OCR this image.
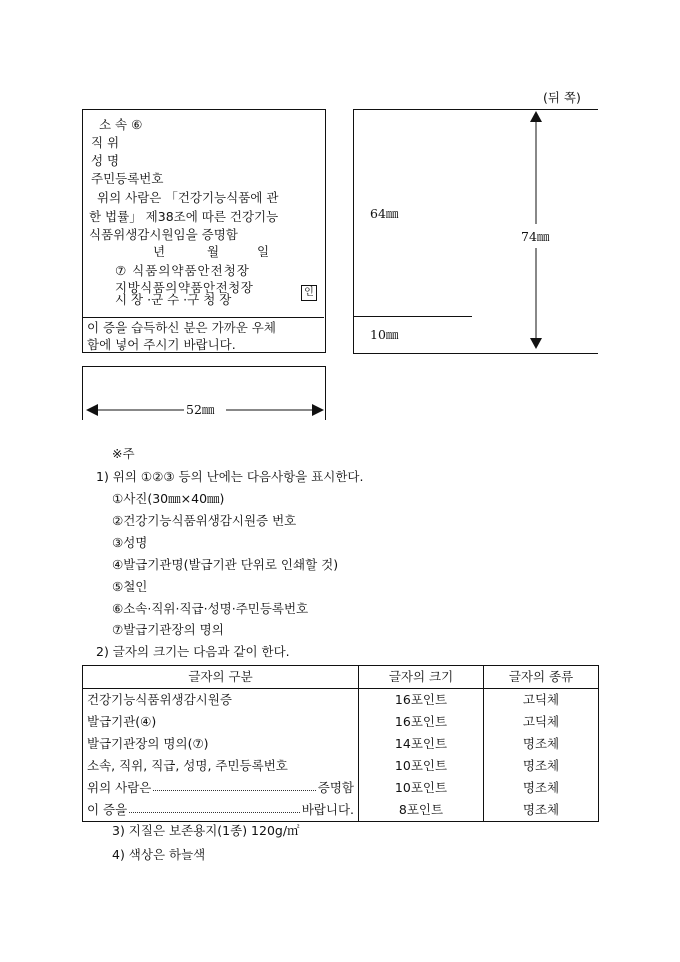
(뒤 쪽)
소 속 ⑥
직 위
성 명
주민등록번호
위의 사람은 「건강기능식품에 관
한 법률」 제38조에 따른 건강기능
식품위생감시원임을 증명함
년	월	일
⑦ 식품의약품안전청장
지방식품의약품안전청장
시 장 ·군 수 ·구 청 장	인
이 증을 습득하신 분은 가까운 우체
함에 넣어 주시기 바랍니다.
64㎜
10㎜
74㎜
52㎜
※주
1) 위의 ①②③ 등의 난에는 다음사항을 표시한다.
①사진(30㎜×40㎜)
②건강기능식품위생감시원증 번호
③성명
④발급기관명(발급기관 단위로 인쇄할 것)
⑤철인
⑥소속·직위·직급·성명·주민등록번호
⑦발급기관장의 명의
2) 글자의 크기는 다음과 같이 한다.
글자의 구분	글자의 크기	글자의 종류
건강기능식품위생감시원증	16포인트	고딕체
발급기관(④)	16포인트	고딕체
발급기관장의 명의(⑦)	14포인트	명조체
소속, 직위, 직급, 성명, 주민등록번호	10포인트	명조체

위의 사람은 증명함	10포인트	명조체

이 증을 바랍니다.	8포인트	명조체
3) 지질은 보존용지(1종) 120g/㎡
4) 색상은 하늘색
